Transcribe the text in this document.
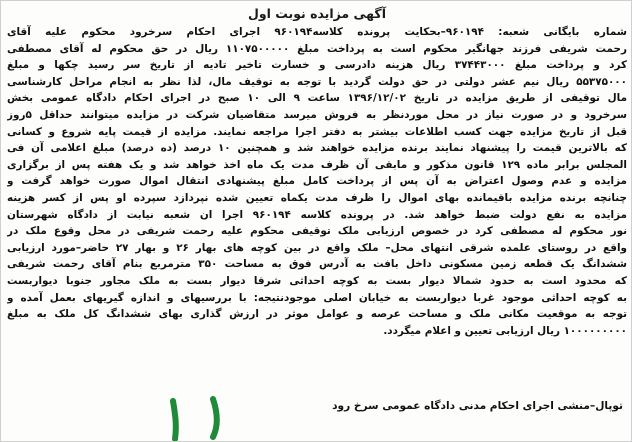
آگهی مزایده نوبت اول
شماره بایگانی شعبه: ۹۶۰۱۹۴–بحکایت پرونده کلاسه۹۶۰۱۹۴ اجرای احکام سرخرود محکوم علیه آقای
رحمت شریفی فرزند جهانگیر محکوم است به پرداخت مبلغ ۱۱۰۷۵۰۰۰۰۰ ریال در حق محکوم له آقای مصطفی
کرد و پرداخت مبلغ ۳۷۴۴۳۰۰۰ ریال هزینه دادرسی و خسارت تاخیر تادیه از تاریخ سر رسید چکها و مبلغ
۵۵۳۷۵۰۰۰ ریال نیم عشر دولتی در حق دولت گردید با توجه به توقیف مال، لذا نظر به انجام مراحل کارشناسی
مال توقیفی از طریق مزایده در تاریخ ۱۳۹۶/۱۲/۰۲ ساعت ۹ الی ۱۰ صبح در اجرای احکام دادگاه عمومی بخش
سرخرود و در صورت نیاز در محل موردنظر به فروش میرسد متقاضیان شرکت در مزایده میتوانند حداقل ۵روز
قبل از تاریخ مزایده جهت کسب اطلاعات بیشتر به دفتر اجرا مراجعه نمایند. مزایده از قیمت پایه شروع و کسانی
که بالاترین قیمت را پیشنهاد نمایند برنده مزایده خواهند شد و همچنین ۱۰ درصد (ده درصد) مبلغ اعلامی آن فی
المجلس برابر ماده ۱۲۹ قانون مذکور و مابقی آن ظرف مدت یک ماه اخذ خواهد شد و یک هفته پس از برگزاری
مزایده و عدم وصول اعتراض به آن پس از پرداخت کامل مبلغ پیشنهادی انتقال اموال صورت خواهد گرفت و
چنانچه برنده مزایده باقیمانده بهای اموال را ظرف مدت یکماه تعیین شده نپردازد سپرده او پس از کسر هزینه
مزایده به نفع دولت ضبط خواهد شد. در پرونده کلاسه ۹۶۰۱۹۴ اجرا ان شعبه نیابت از دادگاه شهرستان
نور محکوم له مصطفی کرد در خصوص ارزیابی ملک توقیفی محکوم علیه رحمت شریفی در محل وقوع ملک در
واقع در روستای علمده شرقی انتهای محل– ملک واقع در بین کوچه های بهار ۲۶ و بهار ۲۷ حاضر–مورد ارزیابی
ششدانگ یک قطعه زمین مسکونی داخل بافت به آدرس فوق به مساحت ۳۵۰ مترمربع بنام آقای رحمت شریفی
که محدود است به حدود شمالا دیوار بست به کوچه احداثی شرقا دیوار بست به ملک مجاور جنوبا دیواربست
به کوچه احداثی موجود غربا دیواربست به خیابان اصلی موجودنتیجه: با بررسیهای و اندازه گیریهای بعمل آمده و
توجه به موقعیت مکانی ملک و مساحت عرصه و عوامل موثر در ارزش گذاری بهای ششدانگ کل ملک به مبلغ
۱۰۰۰۰۰۰۰۰۰ ریال ارزیابی تعیین و اعلام میگردد.
توپال–منشی اجرای احکام مدنی دادگاه عمومی سرخ رود
